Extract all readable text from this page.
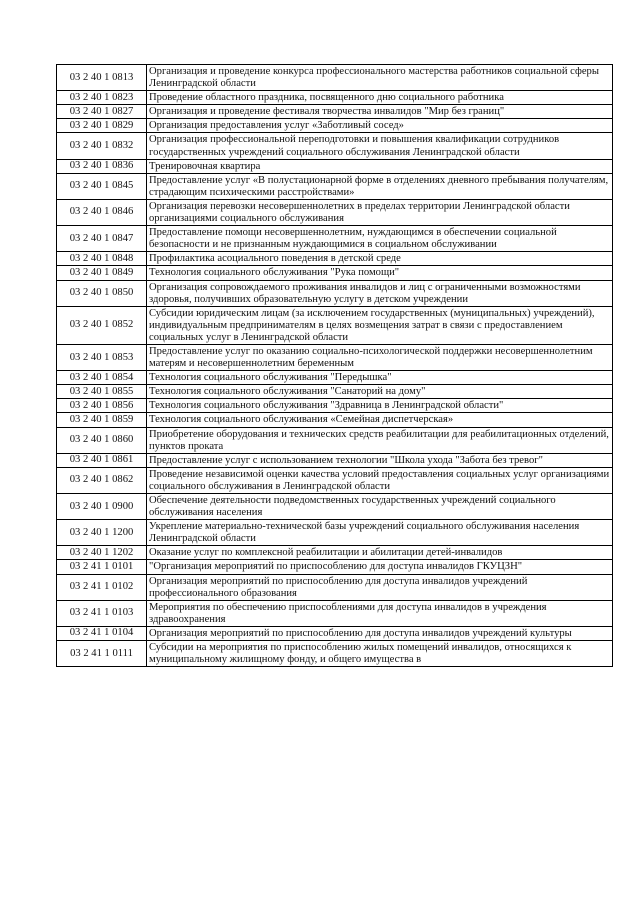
03 2 40 1 0813	Организация и проведение конкурса профессионального мастерства работников социальной сферы Ленинградской области
03 2 40 1 0823	Проведение областного праздника, посвященного дню социального работника
03 2 40 1 0827	Организация и проведение фестиваля творчества инвалидов "Мир без границ"
03 2 40 1 0829	Организация предоставления услуг «Заботливый сосед»
03 2 40 1 0832	Организация профессиональной переподготовки и повышения квалификации сотрудников государственных учреждений социального обслуживания Ленинградской области
03 2 40 1 0836	Тренировочная квартира
03 2 40 1 0845	Предоставление услуг «В полустационарной форме в отделениях дневного пребывания получателям, страдающим психическими расстройствами»
03 2 40 1 0846	Организация перевозки несовершеннолетних в пределах территории Ленинградской области организациями социального обслуживания
03 2 40 1 0847	Предоставление помощи несовершеннолетним, нуждающимся в обеспечении социальной безопасности и не признанным нуждающимися в социальном обслуживании
03 2 40 1 0848	Профилактика асоциального поведения в детской среде
03 2 40 1 0849	Технология социального обслуживания "Рука помощи"
03 2 40 1 0850	Организация сопровождаемого проживания инвалидов и лиц с ограниченными возможностями здоровья, получивших образовательную услугу в детском учреждении
03 2 40 1 0852	Субсидии юридическим лицам (за исключением государственных (муниципальных) учреждений), индивидуальным предпринимателям в целях возмещения затрат в связи с предоставлением социальных услуг в Ленинградской области
03 2 40 1 0853	Предоставление услуг по оказанию социально-психологической поддержки несовершеннолетним матерям и несовершеннолетним беременным
03 2 40 1 0854	Технология социального обслуживания "Передышка"
03 2 40 1 0855	Технология социального обслуживания "Санаторий на дому"
03 2 40 1 0856	Технология социального обслуживания "Здравница в Ленинградской области"
03 2 40 1 0859	Технология социального обслуживания «Семейная диспетчерская»
03 2 40 1 0860	Приобретение оборудования и технических средств реабилитации для реабилитационных отделений, пунктов проката
03 2 40 1 0861	Предоставление услуг с использованием технологии "Школа ухода "Забота без тревог"
03 2 40 1 0862	Проведение независимой оценки качества условий предоставления социальных услуг организациями социального обслуживания в Ленинградской области
03 2 40 1 0900	Обеспечение деятельности подведомственных государственных учреждений социального обслуживания населения
03 2 40 1 1200	Укрепление материально-технической базы учреждений социального обслуживания населения Ленинградской области
03 2 40 1 1202	Оказание услуг по комплексной реабилитации и абилитации детей-инвалидов
03 2 41 1 0101	"Организация мероприятий по приспособлению для доступа инвалидов ГКУЦЗН"
03 2 41 1 0102	Организация мероприятий по приспособлению для доступа инвалидов учреждений профессионального образования
03 2 41 1 0103	Мероприятия по обеспечению приспособлениями для доступа инвалидов в учреждения здравоохранения
03 2 41 1 0104	Организация мероприятий по приспособлению для доступа инвалидов учреждений культуры
03 2 41 1 0111	Субсидии на мероприятия по приспособлению жилых помещений инвалидов, относящихся к муниципальному жилищному фонду, и общего имущества в
